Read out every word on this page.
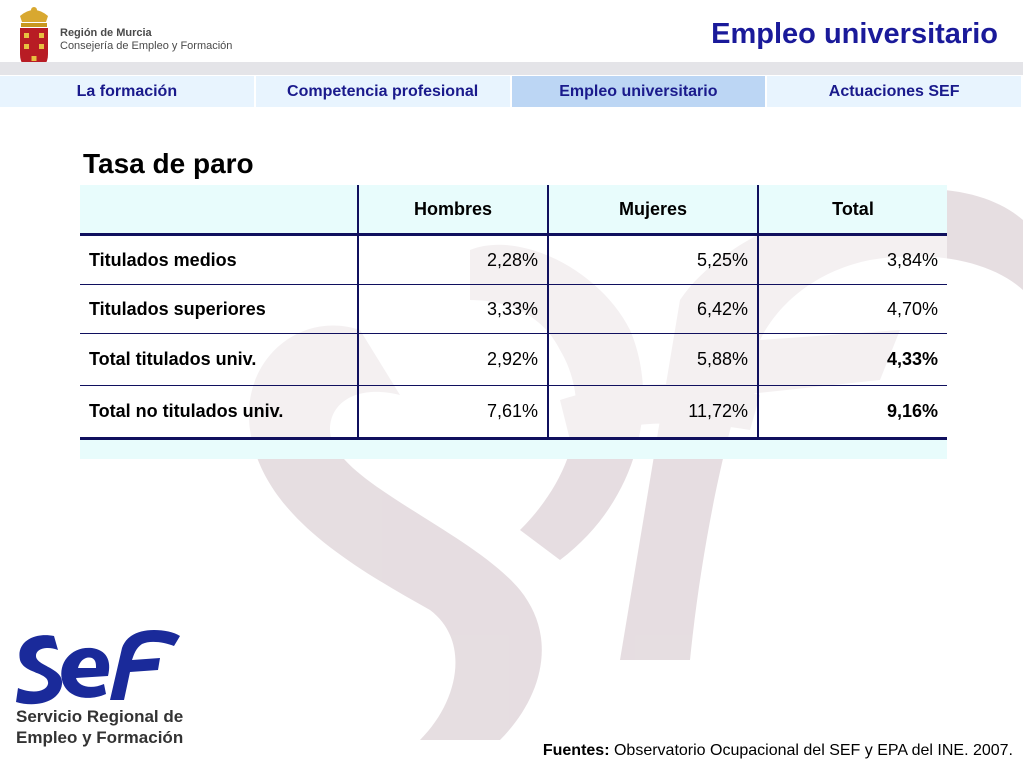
Región de Murcia
Consejería de Empleo y Formación	Empleo universitario
La formación	Competencia profesional	Empleo universitario	Actuaciones SEF
Tasa de paro
	Hombres	Mujeres	Total
Titulados medios	2,28%	5,25%	3,84%
Titulados superiores	3,33%	6,42%	4,70%
Total titulados univ.	2,92%	5,88%	4,33%
Total no titulados univ.	7,61%	11,72%	9,16%
Servicio Regional de
Empleo y Formación
Fuentes: Observatorio Ocupacional del SEF y EPA del INE. 2007.
